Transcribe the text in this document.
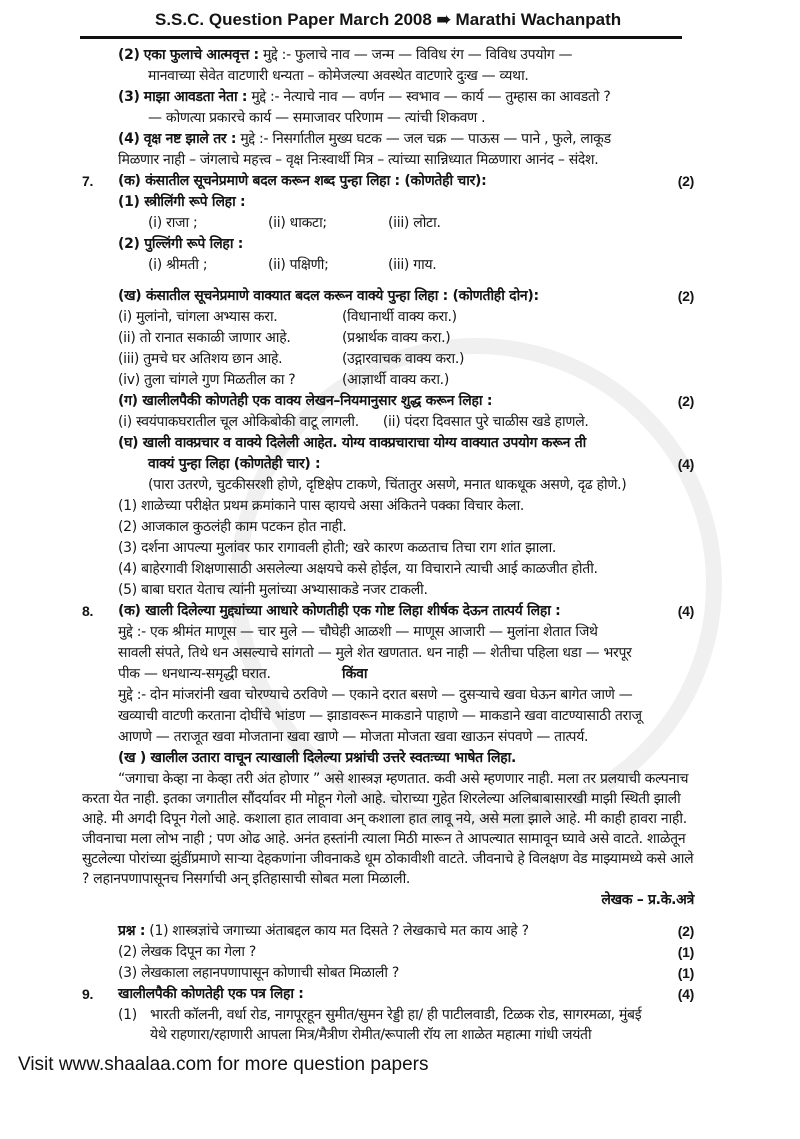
S.S.C. Question Paper March 2008 ➠ Marathi Wachanpath
(2) एका फुलाचे आत्मवृत्त : मुद्दे :- फुलाचे नाव — जन्म — विविध रंग — विविध उपयोग —
मानवाच्या सेवेत वाटणारी धन्यता – कोमेजल्या अवस्थेत वाटणारे दुःख — व्यथा.
(3) माझा आवडता नेता : मुद्दे :- नेत्याचे नाव — वर्णन — स्वभाव — कार्य — तुम्हास का आवडतो ?
— कोणत्या प्रकारचे कार्य — समाजावर परिणाम — त्यांची शिकवण .
(4) वृक्ष नष्ट झाले तर : मुद्दे :- निसर्गातील मुख्य घटक — जल चक्र — पाऊस — पाने , फुले, लाकूड
मिळणार नाही – जंगलाचे महत्त्व – वृक्ष निःस्वार्थी मित्र – त्यांच्या सान्निध्यात मिळणारा आनंद – संदेश.
7.	(क) कंसातील सूचनेप्रमाणे बदल करून शब्द पुन्हा लिहा : (कोणतेही चार):	(2)
(1) स्त्रीलिंगी रूपे लिहा :
(i) राजा ;	(ii) धाकटा;	(iii) लोटा.
(2) पुल्लिंगी रूपे लिहा :
(i) श्रीमती ;	(ii) पक्षिणी;	(iii) गाय.
(ख) कंसातील सूचनेप्रमाणे वाक्यात बदल करून वाक्ये पुन्हा लिहा : (कोणतीही दोन):	(2)
(i) मुलांनो, चांगला अभ्यास करा.	(विधानार्थी वाक्य करा.)
(ii) तो रानात सकाळी जाणार आहे.	(प्रश्नार्थक वाक्य करा.)
(iii) तुमचे घर अतिशय छान आहे.	(उद्गारवाचक वाक्य करा.)
(iv) तुला चांगले गुण मिळतील का ?	(आज्ञार्थी वाक्य करा.)
(ग) खालीलपैकी कोणतेही एक वाक्य लेखन–नियमानुसार शुद्ध करून लिहा :	(2)
(i) स्वयंपाकघरातील चूल ओकिबोकी वाटू लागली. (ii) पंदरा दिवसात पुरे चाळीस खडे हाणले.
(घ) खाली वाक्प्रचार व वाक्ये दिलेली आहेत. योग्य वाक्प्रचाराचा योग्य वाक्यात उपयोग करून ती
वाक्यं पुन्हा लिहा (कोणतेही चार) :	(4)
(पारा उतरणे, चुटकीसरशी होणे, दृष्टिक्षेप टाकणे, चिंतातुर असणे, मनात धाकधूक असणे, दृढ होणे.)
(1) शाळेच्या परीक्षेत प्रथम क्रमांकाने पास व्हायचे असा अंकितने पक्का विचार केला.
(2) आजकाल कुठलंही काम पटकन होत नाही.
(3) दर्शना आपल्या मुलांवर फार रागावली होती; खरे कारण कळताच तिचा राग शांत झाला.
(4) बाहेरगावी शिक्षणासाठी असलेल्या अक्षयचे कसे होईल, या विचाराने त्याची आई काळजीत होती.
(5) बाबा घरात येताच त्यांनी मुलांच्या अभ्यासाकडे नजर टाकली.
8.	(क) खाली दिलेल्या मुद्द्यांच्या आधारे कोणतीही एक गोष्ट लिहा शीर्षक देऊन तात्पर्य लिहा :	(4)
मुद्दे :- एक श्रीमंत माणूस — चार मुले — चौघेही आळशी — माणूस आजारी — मुलांना शेतात जिथे
सावली संपते, तिथे धन असल्याचे सांगतो — मुले शेत खणतात. धन नाही — शेतीचा पहिला धडा — भरपूर
पीक — धनधान्य-समृद्धी घरात.	किंवा
मुद्दे :- दोन मांजरांनी खवा चोरण्याचे ठरविणे — एकाने दरात बसणे — दुसऱ्याचे खवा घेऊन बागेत जाणे —
खव्याची वाटणी करताना दोघींचे भांडण — झाडावरून माकडाने पाहाणे — माकडाने खवा वाटण्यासाठी तराजू
आणणे — तराजूत खवा मोजताना खवा खाणे — मोजता मोजता खवा खाऊन संपवणे — तात्पर्य.
(ख ) खालील उतारा वाचून त्याखाली दिलेल्या प्रश्नांची उत्तरे स्वतःच्या भाषेत लिहा.
“जगाचा केव्हा ना केव्हा तरी अंत होणार ” असे शास्त्रज्ञ म्हणतात. कवी असे म्हणणार नाही. मला तर प्रलयाची कल्पनाच करता येत नाही. इतका जगातील सौंदर्यावर मी मोहून गेलो आहे. चोराच्या गुहेत शिरलेल्या अलिबाबासारखी माझी स्थिती झाली आहे. मी अगदी दिपून गेलो आहे. कशाला हात लावावा अन् कशाला हात लावू नये, असे मला झाले आहे. मी काही हावरा नाही. जीवनाचा मला लोभ नाही ; पण ओढ आहे. अनंत हस्तांनी त्याला मिठी मारून ते आपल्यात सामावून घ्यावे असे वाटते. शाळेतून सुटलेल्या पोरांच्या झुंडींप्रमाणे साऱ्या देहकणांना जीवनाकडे धूम ठोकावीशी वाटते. जीवनाचे हे विलक्षण वेड माझ्यामध्ये कसे आले ? लहानपणापासूनच निसर्गाची अन् इतिहासाची सोबत मला मिळाली.
लेखक – प्र.के.अत्रे
प्रश्न : (1) शास्त्रज्ञांचे जगाच्या अंताबद्दल काय मत दिसते ? लेखकाचे मत काय आहे ?	(2)
(2) लेखक दिपून का गेला ?	(1)
(3) लेखकाला लहानपणापासून कोणाची सोबत मिळाली ?	(1)
9.	खालीलपैकी कोणतेही एक पत्र लिहा :	(4)
(1) भारती कॉलनी, वर्धा रोड, नागपूरहून सुमीत/सुमन रेड्डी हा/ ही पाटीलवाडी, टिळक रोड, सागरमळा, मुंबई येथे राहणारा/रहाणारी आपला मित्र/मैत्रीण रोमीत/रूपाली रॉय ला शाळेत महात्मा गांधी जयंती
Visit www.shaalaa.com for more question papers
